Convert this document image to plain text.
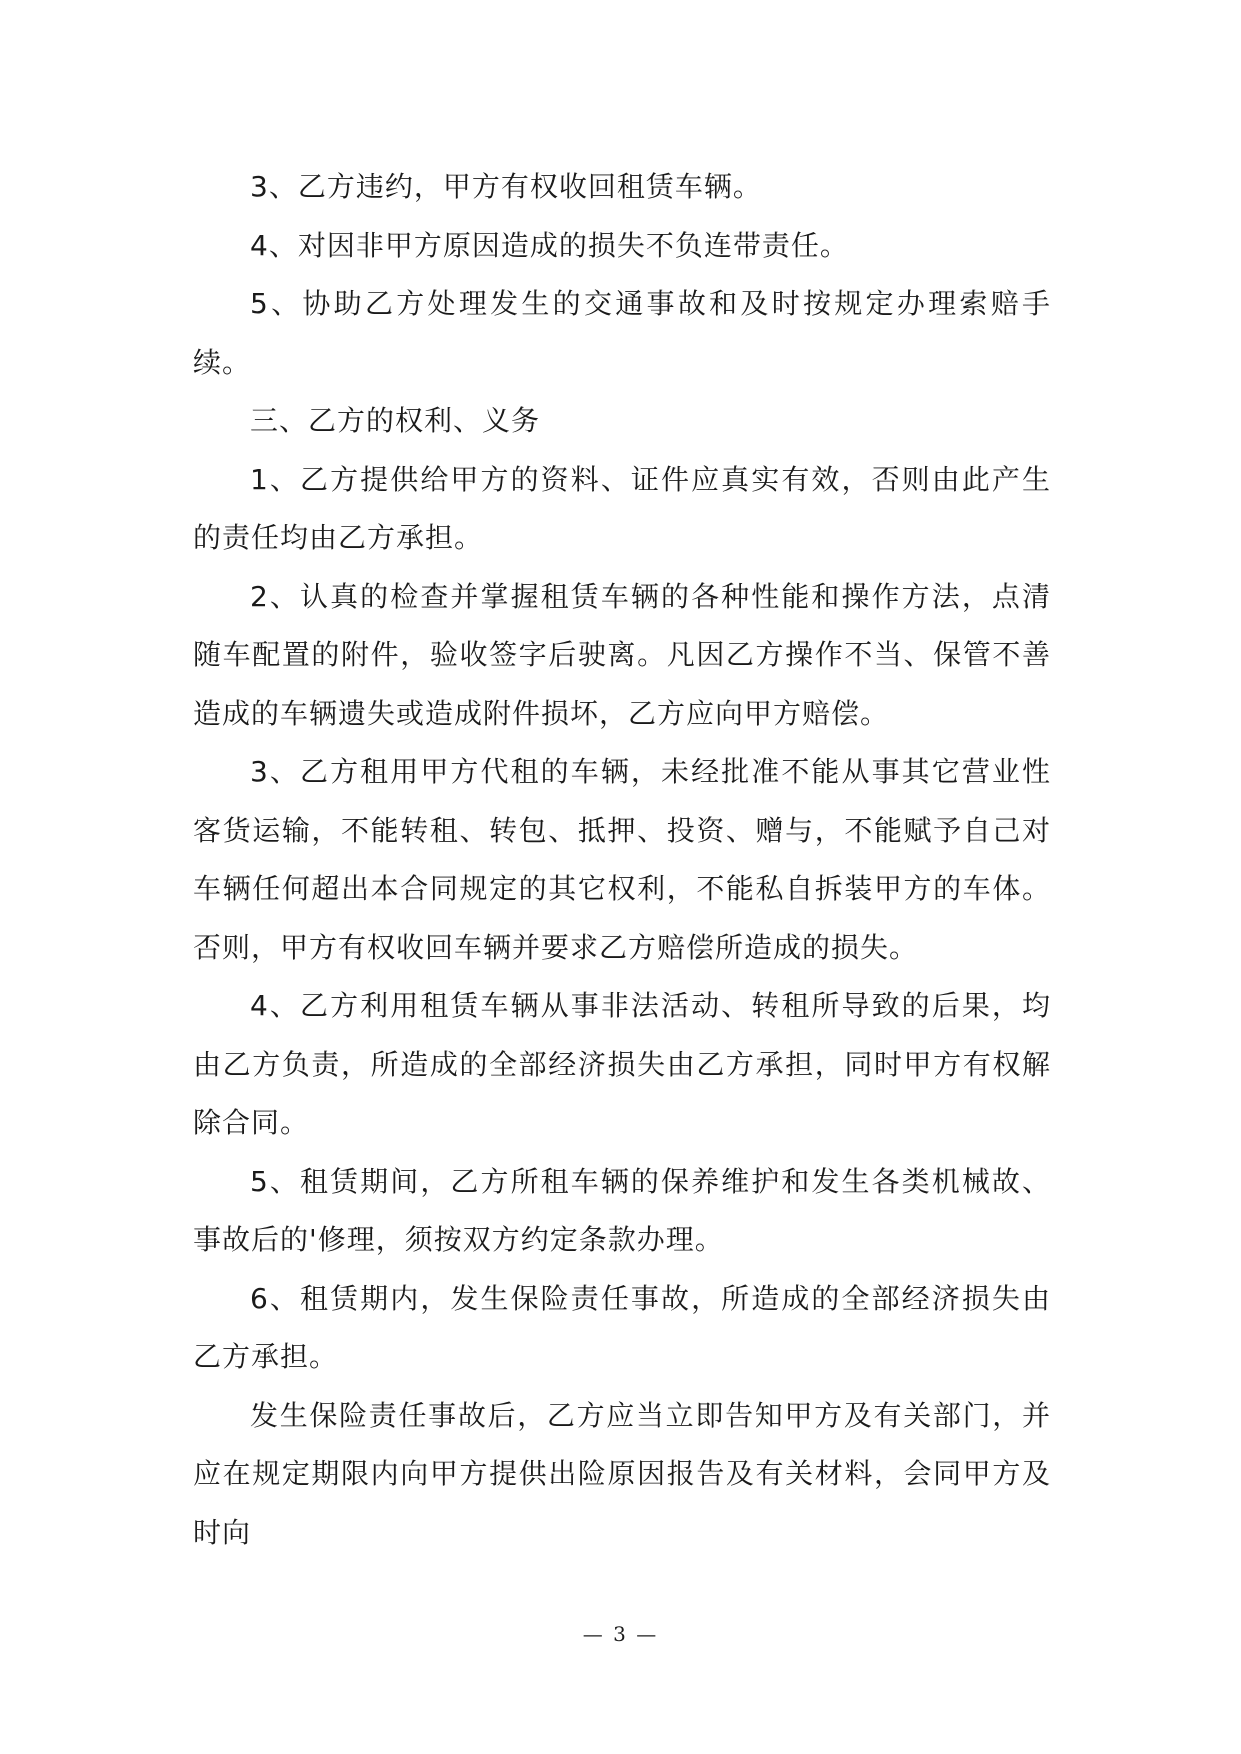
3、乙方违约，甲方有权收回租赁车辆。

4、对因非甲方原因造成的损失不负连带责任。

5、协助乙方处理发生的交通事故和及时按规定办理索赔手续。

三、乙方的权利、义务

1、乙方提供给甲方的资料、证件应真实有效，否则由此产生的责任均由乙方承担。

2、认真的检查并掌握租赁车辆的各种性能和操作方法，点清随车配置的附件，验收签字后驶离。凡因乙方操作不当、保管不善造成的车辆遗失或造成附件损坏，乙方应向甲方赔偿。

3、乙方租用甲方代租的车辆，未经批准不能从事其它营业性客货运输，不能转租、转包、抵押、投资、赠与，不能赋予自己对车辆任何超出本合同规定的其它权利，不能私自拆装甲方的车体。否则，甲方有权收回车辆并要求乙方赔偿所造成的损失。

4、乙方利用租赁车辆从事非法活动、转租所导致的后果，均由乙方负责，所造成的全部经济损失由乙方承担，同时甲方有权解除合同。

5、租赁期间，乙方所租车辆的保养维护和发生各类机械故、事故后的'修理，须按双方约定条款办理。

6、租赁期内，发生保险责任事故，所造成的全部经济损失由乙方承担。

发生保险责任事故后，乙方应当立即告知甲方及有关部门，并应在规定期限内向甲方提供出险原因报告及有关材料，会同甲方及时向

— 3 —
